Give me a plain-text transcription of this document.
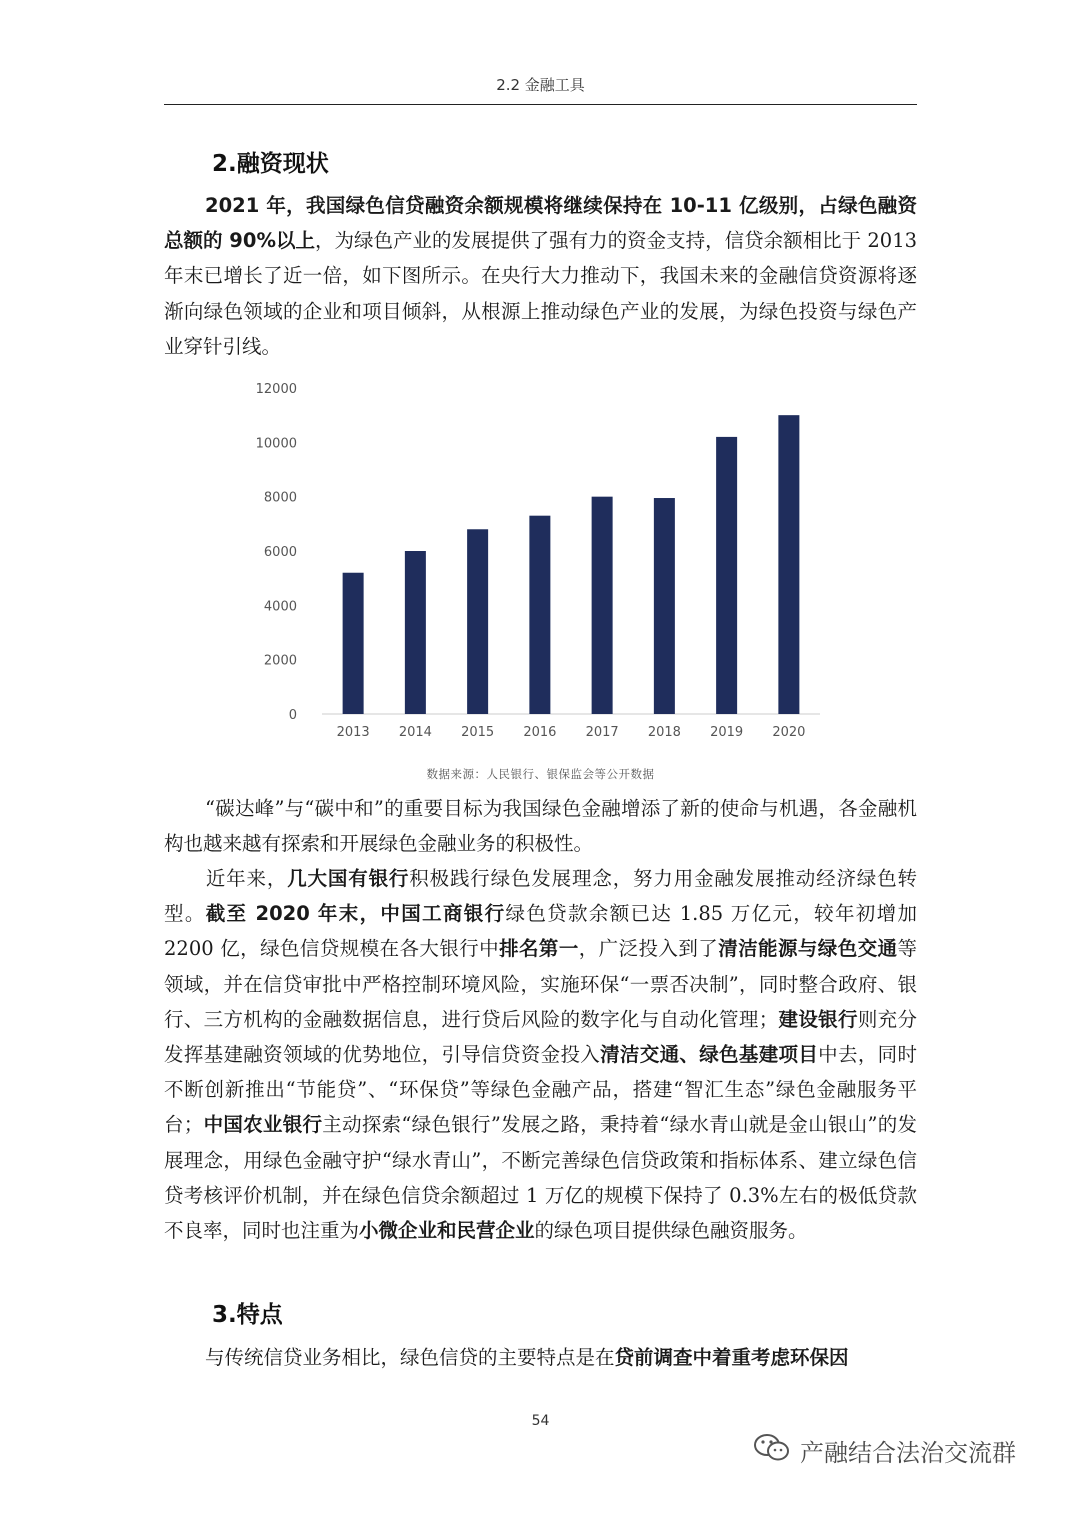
2.2 金融工具
2.融资现状
2021 年，我国绿色信贷融资余额规模将继续保持在 10-11 亿级别，占绿色融资总额的 90%以上，为绿色产业的发展提供了强有力的资金支持，信贷余额相比于 2013 年末已增长了近一倍，如下图所示。在央行大力推动下，我国未来的金融信贷资源将逐渐向绿色领域的企业和项目倾斜，从根源上推动绿色产业的发展，为绿色投资与绿色产业穿针引线。
0
2000
4000
6000
8000
10000
12000
2013 2014 2015 2016 2017 2018 2019 2020
数据来源：人民银行、银保监会等公开数据
“碳达峰”与“碳中和”的重要目标为我国绿色金融增添了新的使命与机遇，各金融机构也越来越有探索和开展绿色金融业务的积极性。
近年来，几大国有银行积极践行绿色发展理念，努力用金融发展推动经济绿色转型。截至 2020 年末，中国工商银行绿色贷款余额已达 1.85 万亿元，较年初增加 2200 亿，绿色信贷规模在各大银行中排名第一，广泛投入到了清洁能源与绿色交通等领域，并在信贷审批中严格控制环境风险，实施环保“一票否决制”，同时整合政府、银行、三方机构的金融数据信息，进行贷后风险的数字化与自动化管理；建设银行则充分发挥基建融资领域的优势地位，引导信贷资金投入清洁交通、绿色基建项目中去，同时不断创新推出“节能贷”、“环保贷”等绿色金融产品，搭建“智汇生态”绿色金融服务平台；中国农业银行主动探索“绿色银行”发展之路，秉持着“绿水青山就是金山银山”的发展理念，用绿色金融守护“绿水青山”，不断完善绿色信贷政策和指标体系、建立绿色信贷考核评价机制，并在绿色信贷余额超过 1 万亿的规模下保持了 0.3%左右的极低贷款不良率，同时也注重为小微企业和民营企业的绿色项目提供绿色融资服务。
3.特点
与传统信贷业务相比，绿色信贷的主要特点是在贷前调查中着重考虑环保因
54
产融结合法治交流群
